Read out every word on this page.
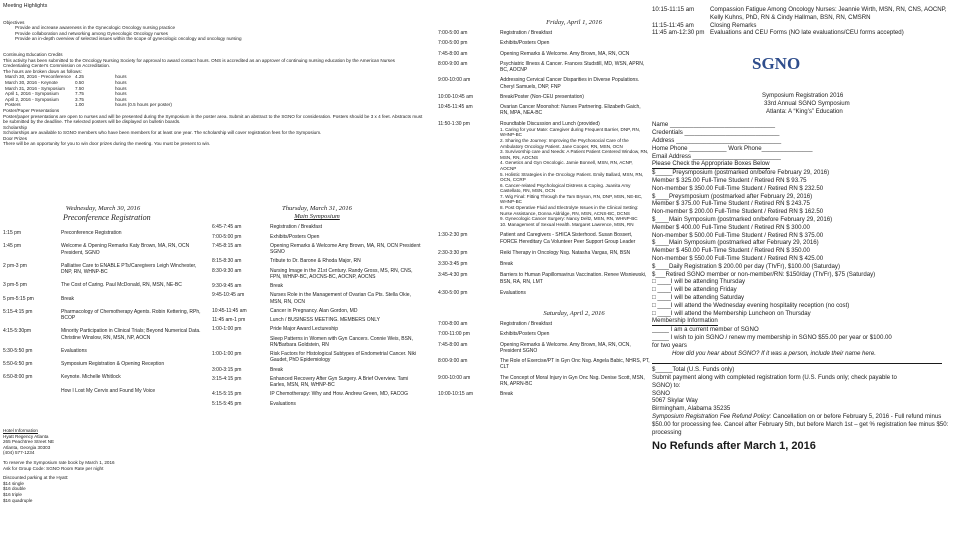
Meeting Highlights
Objectives
Provide and increase awareness in the Gynecologic Oncology nursing practice
Provide collaboration and networking among Gynecologic Oncology nurses
Provide an in-depth overview of selected issues within the scope of gynecologic oncology and oncology nursing
Continuing Education Credits
This activity has been submitted to the Oncology Nursing Society for approval to award contact hours. ONS is accredited as an approver of continuing nursing education by the American Nurses Credentialing Center's Commission on Accreditation.
The hours are broken down as follows:
March 30, 2016 - Preconference 4.25	hours
March 30, 2016 - Keynote	0.50	hours
March 31, 2016 - Symposium	7.50	hours
April 1, 2016 - Symposium	7.75	hours
April 2, 2016 - Symposium	3.75	hours
Posters	1.00	hours (0.5 hours per poster)
Poster/Paper Presentations
Poster/paper presentations are open to nurses and will be presented during the Symposium in the poster area. Submit an abstract to the SGNO for consideration. Posters should be 3 x 4 feet. Abstracts must be submitted by the deadline. The selected posters will be displayed on bulletin boards.
Scholarship
Scholarships are available to SGNO members who have been members for at least one year. The scholarship will cover registration fees for the Symposium.
Door Prizes
There will be an opportunity for you to win door prizes during the meeting. You must be present to win.
Wednesday, March 30, 2016
Preconference Registration
1:15 pm	Preconference Registration
1:45 pm	Welcome & Opening Remarks Katy Brown, MA, RN, OCN President, SGNO
2 pm-3 pm	Palliative Care to ENABLE PTs/Caregivers Leigh Winchester, DNP, RN, WHNP-BC
3 pm-5 pm	The Cost of Caring. Paul McDonald, RN, MSN, NE-BC
5 pm-5:15 pm	Break
5:15-4:15 pm	Pharmacology of Chemotherapy Agents. Robin Kettering, RPh, BCOP
4:15-5:30pm	Minority Participation in Clinical Trials; Beyond Numerical Data. Christine Winslow, RN, MSN, NP, AOCN
5:30-5:50 pm	Evaluations
5:50-6:50 pm	Symposium Registration & Opening Reception
6:50-8:00 pm	Keynote. Michelle Whitlock
How I Lost My Cervix and Found My Voice
Hotel Information
Hyatt Regency Atlanta
265 Peachtree Street NE
Atlanta, Georgia 30303
(404) 577-1234
To reserve the Symposium rate book by March 1, 2016
Ask for Group Code: SGNO Room Rate per night
Discounted parking at the Hyatt:
$14 single
$16 double
$16 triple
$16 quadruple
Thursday, March 31, 2016
Main Symposium
6:45-7:45 am	Registration / Breakfast
7:00-5:00 pm	Exhibits/Posters Open
7:45-8:15 am	Opening Remarks & Welcome Amy Brown, MA, RN, OCN President SGNO
8:15-8:30 am	Tribute to Dr. Barone & Rhoda Major, RN
8:30-9:30 am	Nursing Image in the 21st Century. Randy Gross, MS, RN, CNS, FPN, WHNP-BC, AOCNS-BC, AOCNP, AOCNS
9:30-9:45 am	Break
9:45-10:45 am	Nurses Role in the Management of Ovarian Ca Pts. Stella Okie, MSN, RN, OCN
10:45-11:45 am	Cancer in Pregnancy. Alan Gordon, MD
11:45 am-1 pm	Lunch / BUSINESS MEETING. MEMBERS ONLY
1:00-1:00 pm	Pride Major Award Lectureship
Sleep Patterns in Women with Gyn Cancers. Connie Weis, BSN, RN/Barbara Goldstein, RN
1:00-1:00 pm	Risk Factors for Histological Subtypes of Endometrial Cancer. Niki Gaudet, PhD Epidemiology
3:00-3:15 pm	Break
3:15-4:15 pm	Enhanced Recovery After Gyn Surgery. A Brief Overview. Tami Earles, MSN, RN, WHNP-BC
4:15-5:15 pm	IP Chemotherapy: Why and How. Andrew Green, MD, FACOG
5:15-5:45 pm	Evaluations
Friday, April 1, 2016
7:00-5:00 am	Registration / Breakfast
7:00-5:00 pm	Exhibits/Posters Open
7:45-8:00 am	Opening Remarks & Welcome. Amy Brown, MA, RN, OCN
8:00-9:00 am	Psychiatric Illness & Cancer. Frances Studstill, MD, WSN, APRN, BC, AOCNP
9:00-10:00 am	Addressing Cervical Cancer Disparities in Diverse Populations. Cheryl Samuels, DNP, FNP
10:00-10:45 am	Break/Poster (Non-CEU presentation)
10:45-11:45 am	Ovarian Cancer Moonshot: Nurses Partnering. Elizabeth Gaich, RN, MPA, NEA-BC
11:50-1:30 pm	Roundtable Discussion and Lunch (provided)
1. Caring for your Mate: Caregiver during Frequent Barrier, DNP, RN, WHNP-BC
2. Sharing the Journey: Improving the Psychosocial Care of the Ambulatory Oncology Patient. Jane Cooper, RN, MSN, OCN
3. Survivorship care and Needs: A Patient Patient Centered Window, RN, MSN, RN, AOCNS
4. Genetics and Gyn Oncologic. Jamie Bonnell, MSN, RN, ACNP, AOCNP
5. Holistic Strategies in the Oncology Patient. Emily Ballard, MSN, RN, OCN, CCRP
6. Cancer-related Psychological Distress & Coping. Juanita Amy Castellato, RN, MSN, OCN
7. Wig Final: Fitting Through the Tam Bryson, RN, DNP, MSN, NE-BC, WHNP-BC
8. Post Operative Fluid and Electrolyte Issues in the Clinical Setting: Nurse Assistance, Donna Aldridge, RN, MSN, ACNS-BC, DCNS
9. Gynecologic Cancer Surgery: Nancy Deltz, MSN, RN, WHNP-BC
10. Management of Sexual Health. Margaret Lawrence, MSN, RN
1:30-2:30 pm	Patient and Caregivers - SHICA Sisterhood. Susan Bossert, FORCE Hereditary Ca Volunteer Peer Support Group Leader
2:30-3:30 pm	Reiki Therapy in Oncology Nsg. Natasha Vargas, RN, BSN
3:30-3:45 pm	Break
3:45-4:30 pm	Barriers to Human Papillomavirus Vaccination. Renee Wisniewski, BSN, RA, RN, LMT
4:30-5:00 pm	Evaluations
Saturday, April 2, 2016
7:00-8:00 am	Registration / Breakfast
7:00-11:00 pm	Exhibits/Posters Open
7:45-8:00 am	Opening Remarks & Welcome. Amy Brown, MA, RN, OCN, President SGNO
8:00-9:00 am	The Role of Exercise/PT in Gyn Onc Nsg. Angela Babic, NHRS, PT, CLT
9:00-10:00 am	The Concept of Moral Injury in Gyn Onc Nsg. Denise Scott, MSN, RN, APRN-BC
10:00-10:15 am	Break
10:15-11:15 am	Compassion Fatigue Among Oncology Nurses: Jeannie Wirth, MSN, RN, CNS, AOCNP, Kelly Kuhns, PhD, RN & Cindy Hallman, BSN, RN, CMSRN
11:15-11:45 am	Closing Remarks
11:45 am-12:30 pm Evaluations and CEU Forms (NO late evaluations/CEU forms accepted)
SGNO
Symposium Registration 2016
33rd Annual SGNO Symposium
Atlanta: A “King’s” Education
Name _______________________________
Credentials ____________________________
Address _______________________________
Home Phone ___________ Work Phone_______________
Email Address __________________________
Please Check the Appropriate Boxes Below
$_____Preysmposium (postmarked on/before February 29, 2016)
Member $ 325.00 Full-Time Student / Retired RN $ 93.75
Non-member $ 350.00 Full-Time Student / Retired RN $ 232.50
$____Preysmposium (postmarked after February 29, 2016)
Member $ 375.00 Full-Time Student / Retired RN $ 243.75
Non-member $ 200.00 Full-Time Student / Retired RN $ 162.50
$____Main Symposium (postmarked on/before February 29, 2016)
Member $ 400.00 Full-Time Student / Retired RN $ 300.00
Non-member $ 500.00 Full-Time Student / Retired RN $ 375.00
$____Main Symposium (postmarked after February 29, 2016)
Member $ 450.00 Full-Time Student / Retired RN $ 350.00
Non-member $ 550.00 Full-Time Student / Retired RN $ 425.00
$____Daily Registration $ 200.00 per day (Th/Fr), $100.00 (Saturday)
$___Retired SGNO member or non-member/RN: $150/day (Th/Fr), $75 (Saturday)
□ ____I will be attending Thursday
□ ____I will be attending Friday
□ ____I will be attending Saturday
□ ____I will attend the Wednesday evening hospitality reception (no cost)
□ ____I will attend the Membership Luncheon on Thursday
Membership Information
_____ I am a current member of SGNO
_____ I wish to join SGNO / renew my membership in SGNO $55.00 per year or $100.00
for two years
How did you hear about SGNO? If it was a person, include their name here.
$_____Total (U.S. Funds only)
Submit payment along with completed registration form (U.S. Funds only; check payable to
SGNO) to:
SGNO
5067 Skylar Way
Birmingham, Alabama 35235
Symposium Registration Fee Refund Policy: Cancellation on or before February 5, 2016 - Full refund minus $50.00 for processing fee. Cancel after February 5th, but before March 1st – get % registration fee minus $50: processing
No Refunds after March 1, 2016
